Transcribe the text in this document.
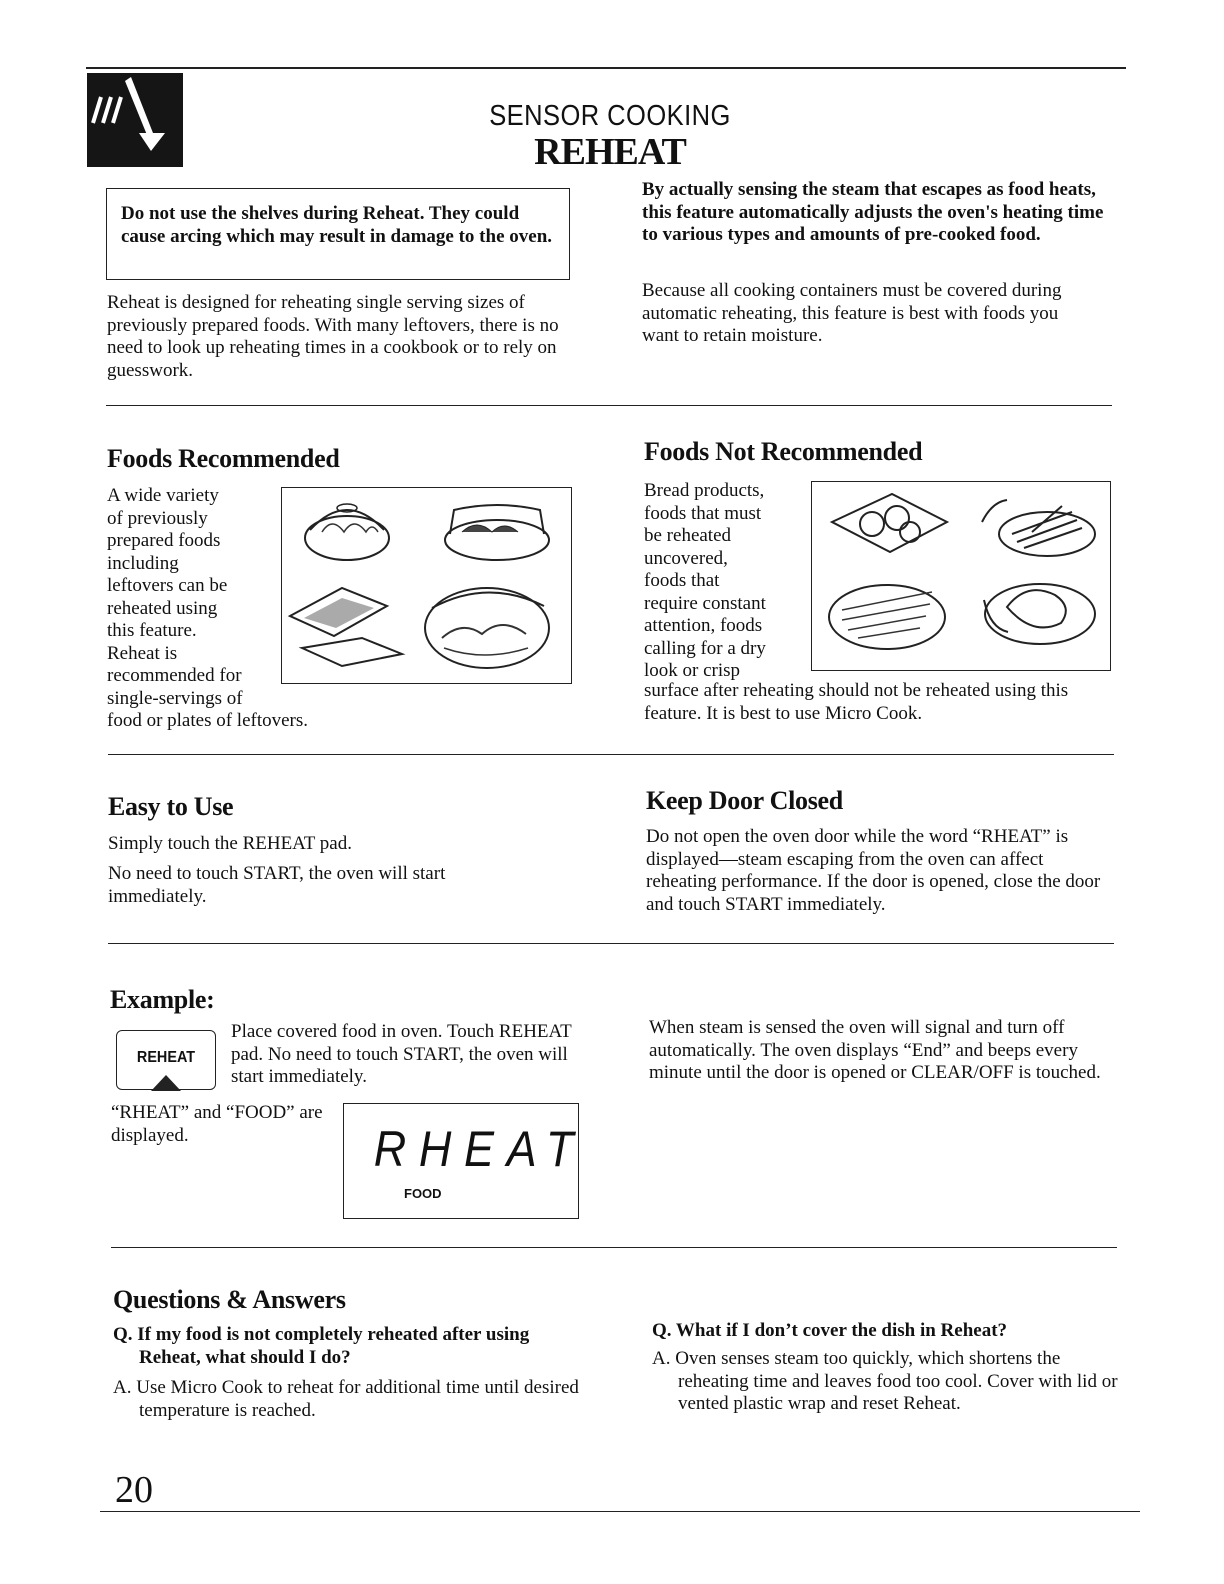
SENSOR COOKING
REHEAT

Do not use the shelves during Reheat. They could cause arcing which may result in damage to the oven.

Reheat is designed for reheating single serving sizes of previously prepared foods. With many leftovers, there is no need to look up reheating times in a cookbook or to rely on guesswork.

By actually sensing the steam that escapes as food heats, this feature automatically adjusts the oven's heating time to various types and amounts of pre-cooked food.

Because all cooking containers must be covered during automatic reheating, this feature is best with foods you want to retain moisture.

Foods Recommended
A wide variety
of previously
prepared foods
including
leftovers can be
reheated using
this feature.
Reheat is
recommended for
single-servings of
food or plates of leftovers.
Foods Not Recommended
Bread products,
foods that must
be reheated
uncovered,
foods that
require constant
attention, foods
calling for a dry
look or crisp

surface after reheating should not be reheated using this feature. It is best to use Micro Cook.

Easy to Use

Simply touch the REHEAT pad.

No need to touch START, the oven will start immediately.

Keep Door Closed

Do not open the oven door while the word “RHEAT” is displayed—steam escaping from the oven can affect reheating performance. If the door is opened, close the door and touch START immediately.

Example:
REHEAT

Place covered food in oven. Touch REHEAT pad. No need to touch START, the oven will start immediately.

“RHEAT” and “FOOD” are displayed.	RHEAT
FOOD

When steam is sensed the oven will signal and turn off automatically. The oven displays “End” and beeps every minute until the door is opened or CLEAR/OFF is touched.

Questions & Answers

Q. If my food is not completely reheated after using Reheat, what should I do?

A. Use Micro Cook to reheat for additional time until desired temperature is reached.

Q. What if I don’t cover the dish in Reheat?

A. Oven senses steam too quickly, which shortens the reheating time and leaves food too cool. Cover with lid or vented plastic wrap and reset Reheat.

20
